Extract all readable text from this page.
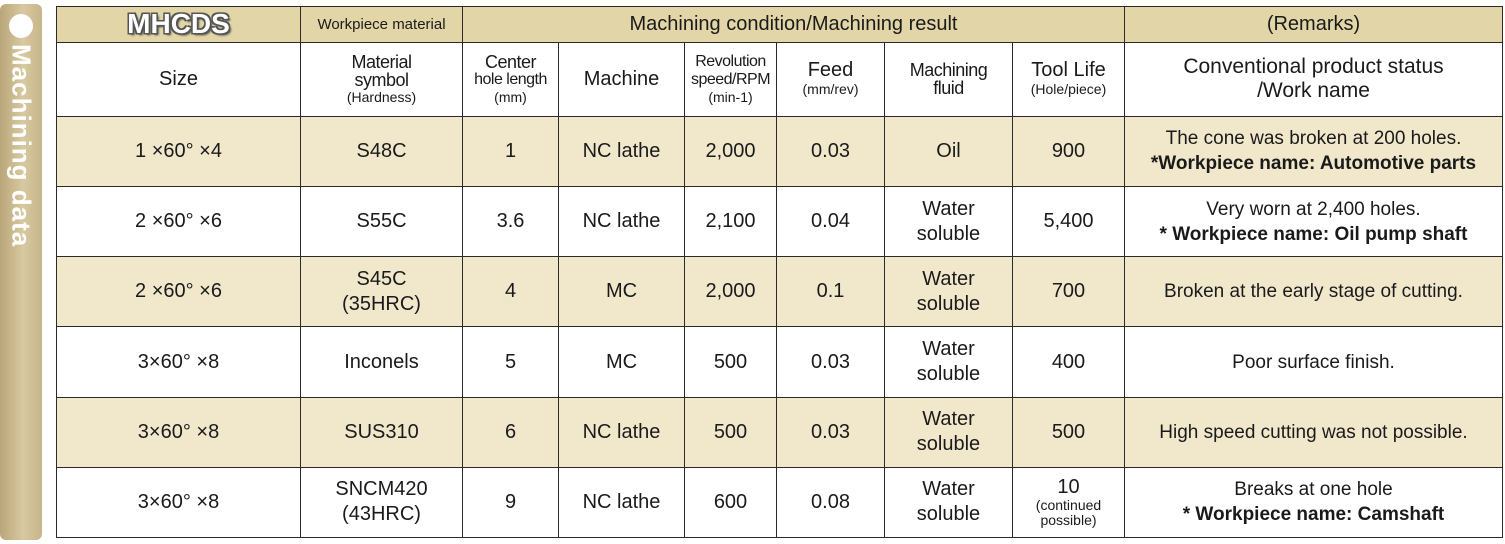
Machining data
MHCDS	Workpiece material	Machining condition/Machining result						(Remarks)

Size	Material
symbol
(Hardness)	Center
hole length
(mm)	Machine	Revolution
speed/RPM
(min-1)	Feed
(mm/rev)	Machining
fluid	Tool Life
(Hole/piece)	Conventional product status
/Work name

1 ×60° ×4	S48C	1	NC lathe	2,000	0.03	Oil	900	The cone was broken at 200 holes.
*Workpiece name: Automotive parts

2 ×60° ×6	S55C	3.6	NC lathe	2,100	0.04	Water
soluble	5,400	Very worn at 2,400 holes.
* Workpiece name: Oil pump shaft

2 ×60° ×6	S45C
(35HRC)	4	MC	2,000	0.1	Water
soluble	700	Broken at the early stage of cutting.
3×60° ×8	Inconels	5	MC	500	0.03	Water
soluble	400	Poor surface finish.
3×60° ×8	SUS310	6	NC lathe	500	0.03	Water
soluble	500	High speed cutting was not possible.
3×60° ×8	SNCM420
(43HRC)	9	NC lathe	600	0.08	Water
soluble	10
(continued possible)	Breaks at one hole
* Workpiece name: Camshaft
